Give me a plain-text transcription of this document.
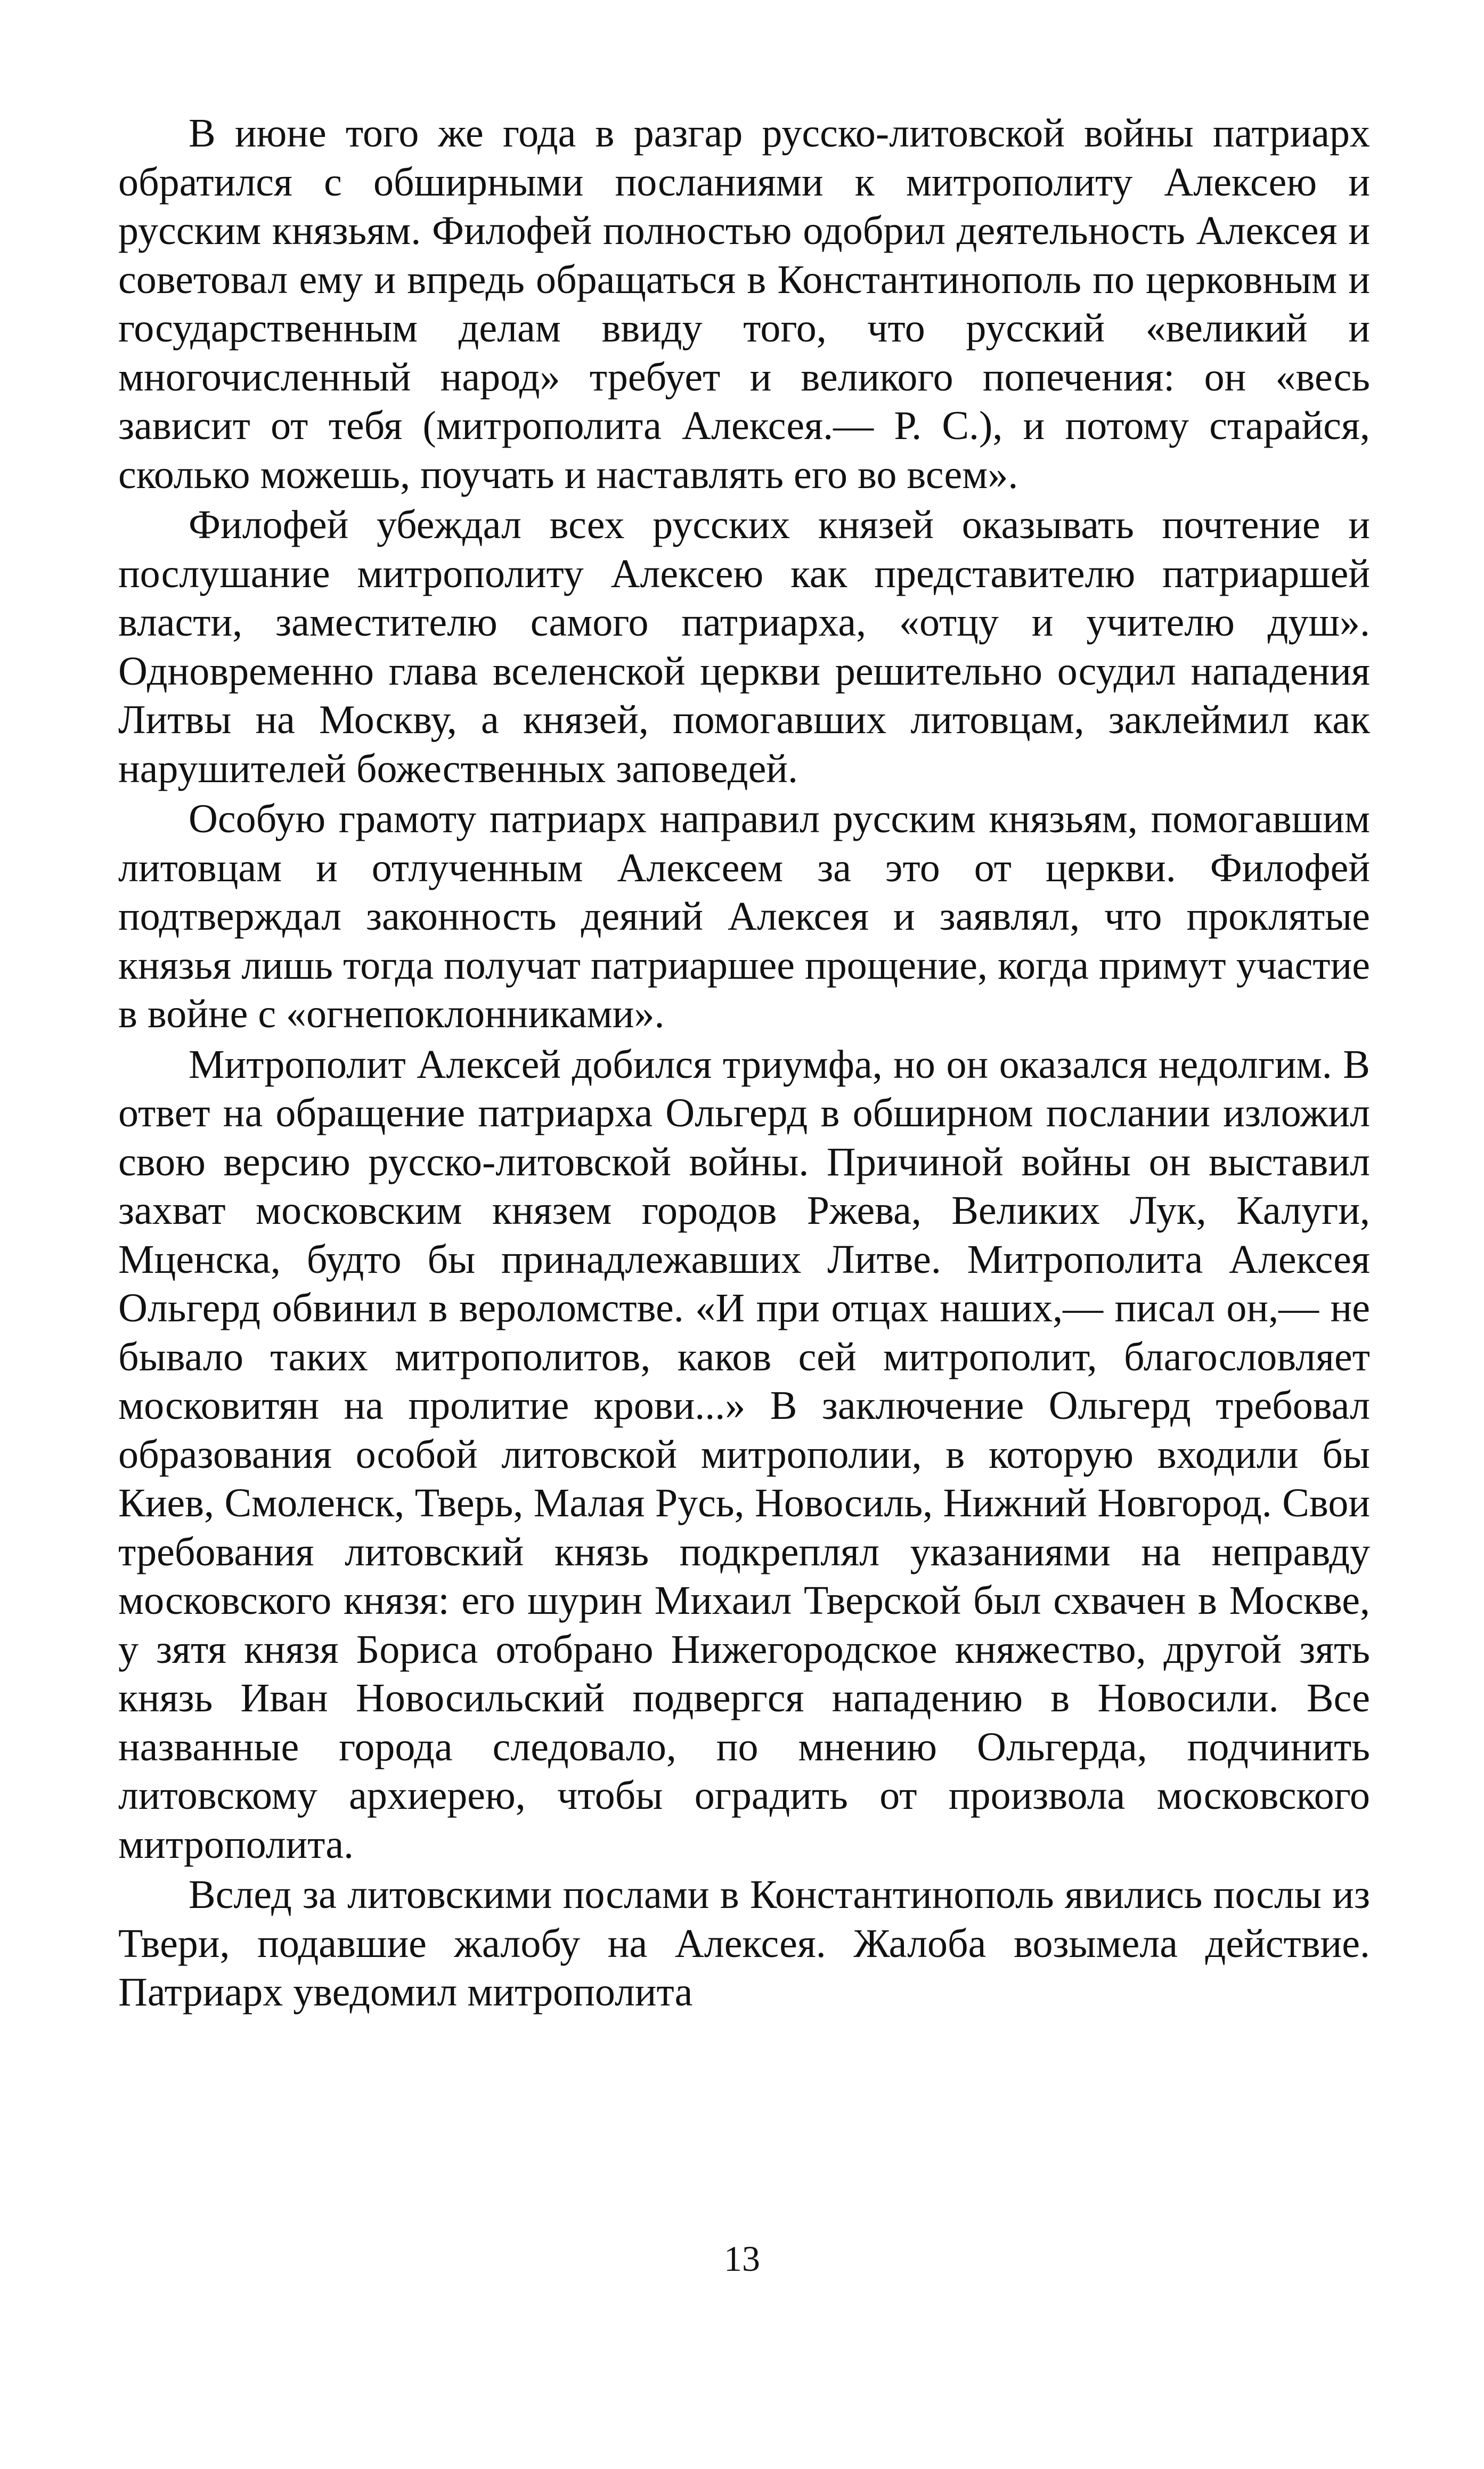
В июне того же года в разгар русско-литовской войны патриарх обратился с обширными посланиями к митрополиту Алексею и русским князьям. Филофей полностью одобрил деятельность Алексея и советовал ему и впредь обращаться в Константинополь по церковным и государственным делам ввиду того, что русский «великий и многочисленный народ» требует и великого попечения: он «весь зависит от тебя (митрополита Алексея.— Р. С.), и потому старайся, сколько можешь, поучать и наставлять его во всем».

Филофей убеждал всех русских князей оказывать почтение и послушание митрополиту Алексею как представителю патриаршей власти, заместителю самого патриарха, «отцу и учителю душ». Одновременно глава вселенской церкви решительно осудил нападения Литвы на Москву, а князей, помогавших литовцам, заклеймил как нарушителей божественных заповедей.

Особую грамоту патриарх направил русским князьям, помогавшим литовцам и отлученным Алексеем за это от церкви. Филофей подтверждал законность деяний Алексея и заявлял, что проклятые князья лишь тогда получат патриаршее прощение, когда примут участие в войне с «огнепоклонниками».

Митрополит Алексей добился триумфа, но он оказался недолгим. В ответ на обращение патриарха Ольгерд в обширном послании изложил свою версию русско-литовской войны. Причиной войны он выставил захват московским князем городов Ржева, Великих Лук, Калуги, Мценска, будто бы принадлежавших Литве. Митрополита Алексея Ольгерд обвинил в вероломстве. «И при отцах наших,— писал он,— не бывало таких митрополитов, каков сей митрополит, благословляет московитян на пролитие крови...» В заключение Ольгерд требовал образования особой литовской митрополии, в которую входили бы Киев, Смоленск, Тверь, Малая Русь, Новосиль, Нижний Новгород. Свои требования литовский князь подкреплял указаниями на неправду московского князя: его шурин Михаил Тверской был схвачен в Москве, у зятя князя Бориса отобрано Нижегородское княжество, другой зять князь Иван Новосильский подвергся нападению в Новосили. Все названные города следовало, по мнению Ольгерда, подчинить литовскому архиерею, чтобы оградить от произвола московского митрополита.

Вслед за литовскими послами в Константинополь явились послы из Твери, подавшие жалобу на Алексея. Жалоба возымела действие. Патриарх уведомил митрополита

13
